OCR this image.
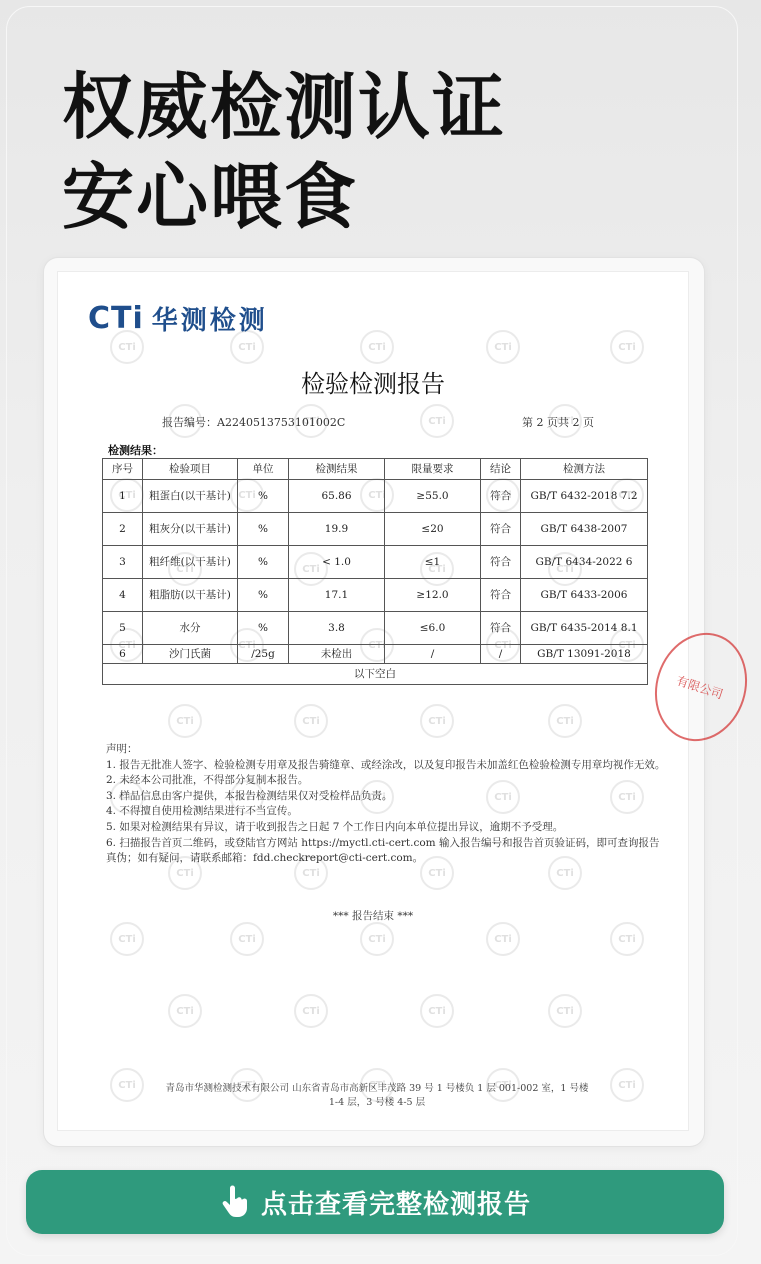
权威检测认证
安心喂食
CTi
CTi
CTi
CTi
CTi
CTi
CTi
CTi
CTi
CTi
CTi
CTi
CTi
CTi
CTi
CTi
CTi
CTi
CTi
CTi
CTi
CTi
CTi
CTi
CTi
CTi
CTi
CTi
CTi
CTi
CTi
CTi
CTi
CTi
CTi
CTi
CTi
CTi
CTi
CTi
CTi
CTi
CTi
CTi
CTi
CTi
CTi
CTi
CTi
CTi
CTi 华测检测
检验检测报告
报告编号：A2240513753101002C	第 2 页共 2 页
检测结果：
序号	检验项目	单位	检测结果	限量要求	结论	检测方法
1	粗蛋白(以干基计)	%	65.86	≥55.0	符合	GB/T 6432-2018 7.2
2	粗灰分(以干基计)	%	19.9	≤20	符合	GB/T 6438-2007
3	粗纤维(以干基计)	%	< 1.0	≤1	符合	GB/T 6434-2022 6
4	粗脂肪(以干基计)	%	17.1	≥12.0	符合	GB/T 6433-2006
5	水分	%	3.8	≤6.0	符合	GB/T 6435-2014 8.1
6	沙门氏菌	/25g	未检出	/	/	GB/T 13091-2018
以下空白							有限公司

声明：

1. 报告无批准人签字、检验检测专用章及报告骑缝章、或经涂改，以及复印报告未加盖红色检验检测专用章均视作无效。

2. 未经本公司批准，不得部分复制本报告。

3. 样品信息由客户提供，本报告检测结果仅对受检样品负责。

4. 不得擅自使用检测结果进行不当宣传。

5. 如果对检测结果有异议，请于收到报告之日起 7 个工作日内向本单位提出异议，逾期不予受理。

6. 扫描报告首页二维码，或登陆官方网站 https://myctl.cti-cert.com 输入报告编号和报告首页验证码，即可查询报告真伪；如有疑问，请联系邮箱：fdd.checkreport@cti-cert.com。

*** 报告结束 ***
青岛市华测检测技术有限公司 山东省青岛市高新区丰茂路 39 号 1 号楼负 1 层 001-002 室，1 号楼 1-4 层，3 号楼 4-5 层
点击查看完整检测报告
